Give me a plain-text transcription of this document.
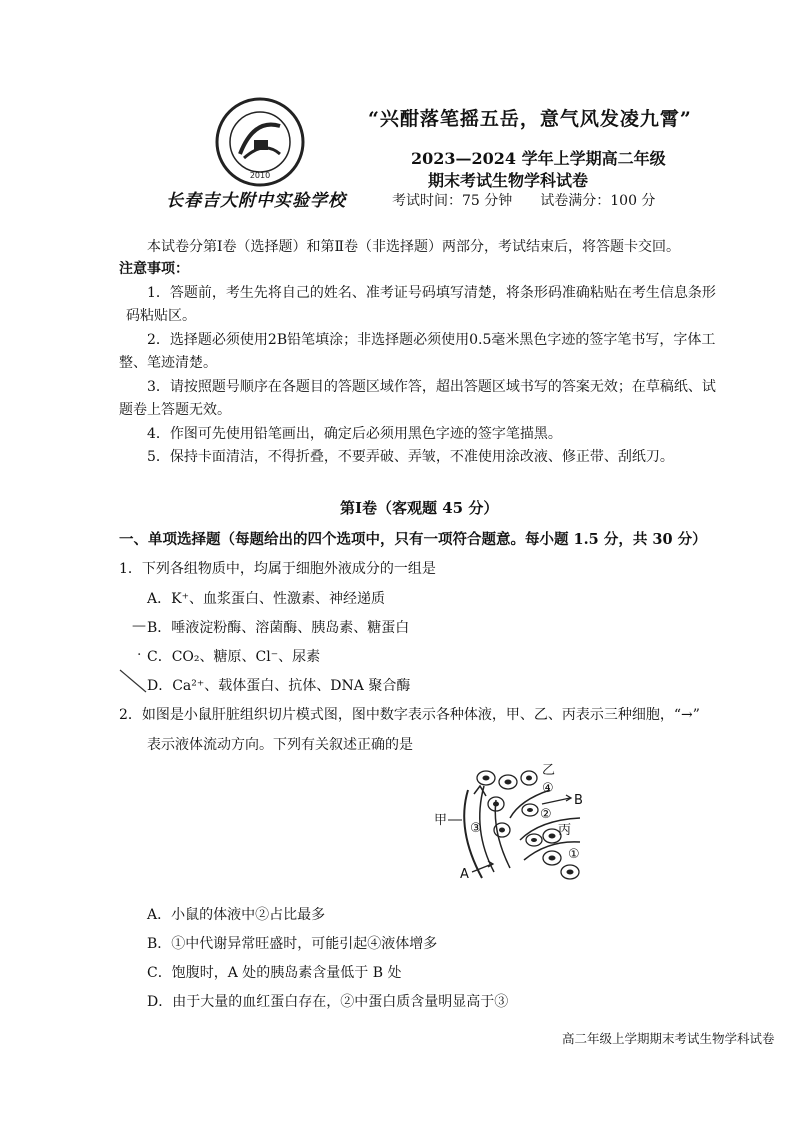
2010
长春吉大附中实验学校
“兴酣落笔摇五岳，意气风发凌九霄”
2023—2024 学年上学期高二年级
期末考试生物学科试卷
考试时间：75 分钟 试卷满分：100 分
本试卷分第Ⅰ卷（选择题）和第Ⅱ卷（非选择题）两部分，考试结束后，将答题卡交回。
注意事项：
1．答题前，考生先将自己的姓名、准考证号码填写清楚，将条形码准确粘贴在考生信息条形
码粘贴区。
2．选择题必须使用2B铅笔填涂；非选择题必须使用0.5毫米黑色字迹的签字笔书写，字体工
整、笔迹清楚。
3．请按照题号顺序在各题目的答题区域作答，超出答题区域书写的答案无效；在草稿纸、试
题卷上答题无效。
4．作图可先使用铅笔画出，确定后必须用黑色字迹的签字笔描黑。
5．保持卡面清洁，不得折叠，不要弄破、弄皱，不准使用涂改液、修正带、刮纸刀。
第Ⅰ卷（客观题 45 分）
一、单项选择题（每题给出的四个选项中，只有一项符合题意。每小题 1.5 分，共 30 分）
1．下列各组物质中，均属于细胞外液成分的一组是
A．K⁺、血浆蛋白、性激素、神经递质
— B．唾液淀粉酶、溶菌酶、胰岛素、糖蛋白
· C．CO₂、糖原、Cl⁻、尿素
D．Ca²⁺、载体蛋白、抗体、DNA 聚合酶
2．如图是小鼠肝脏组织切片模式图，图中数字表示各种体液，甲、乙、丙表示三种细胞，“→”
表示液体流动方向。下列有关叙述正确的是
甲
乙
丙
A
B
①
②
③
④
A．小鼠的体液中②占比最多
B．①中代谢异常旺盛时，可能引起④液体增多
C．饱腹时，A 处的胰岛素含量低于 B 处
D．由于大量的血红蛋白存在，②中蛋白质含量明显高于③
高二年级上学期期末考试生物学科试卷
